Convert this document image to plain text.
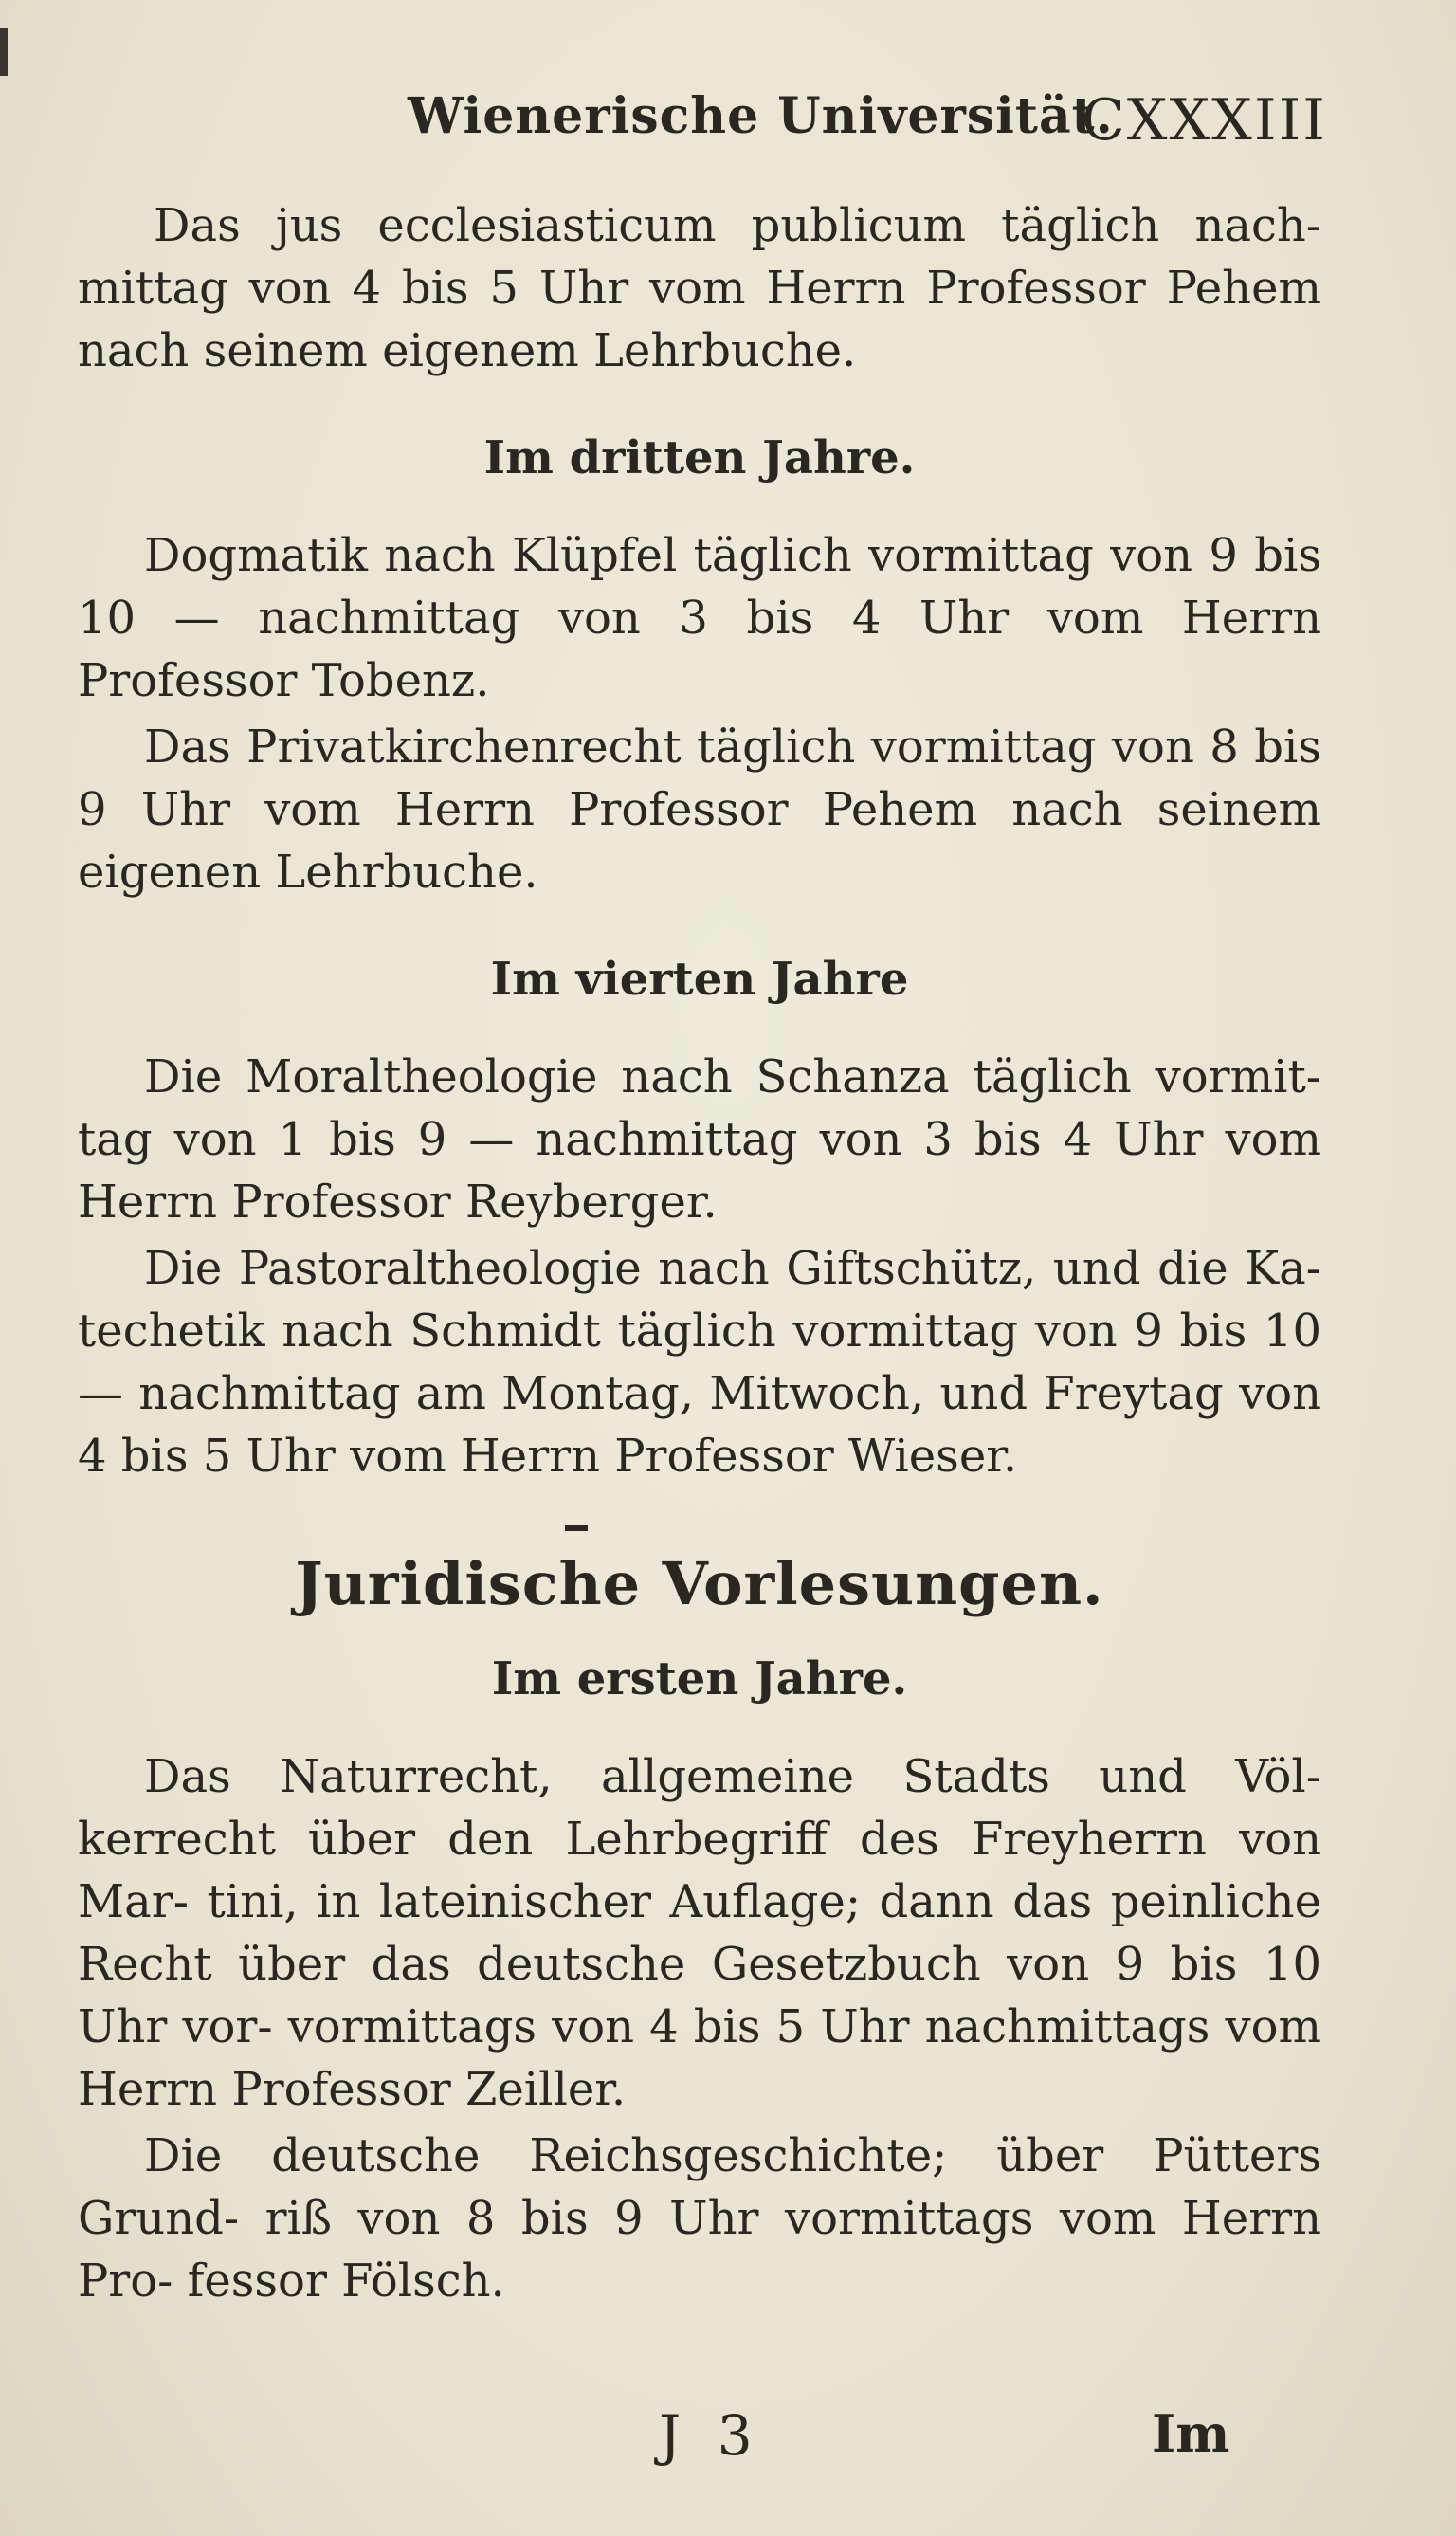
Wienerische Universität.
CXXXIII

Das jus ecclesiasticum publicum täglich nach- mittag von 4 bis 5 Uhr vom Herrn Professor Pehem nach seinem eigenem Lehrbuche.

Im dritten Jahre.

Dogmatik nach Klüpfel täglich vormittag von 9 bis 10 — nachmittag von 3 bis 4 Uhr vom Herrn Professor Tobenz.

Das Privatkirchenrecht täglich vormittag von 8 bis 9 Uhr vom Herrn Professor Pehem nach seinem eigenen Lehrbuche.

Im vierten Jahre

Die Moraltheologie nach Schanza täglich vormit- tag von 1 bis 9 — nachmittag von 3 bis 4 Uhr vom Herrn Professor Reyberger.

Die Pastoraltheologie nach Giftschütz, und die Ka- techetik nach Schmidt täglich vormittag von 9 bis 10 — nachmittag am Montag, Mitwoch, und Freytag von 4 bis 5 Uhr vom Herrn Professor Wieser.

Juridische Vorlesungen.
Im ersten Jahre.

Das Naturrecht, allgemeine Stadts und Völ- kerrecht über den Lehrbegriff des Freyherrn von Mar- tini, in lateinischer Auflage; dann das peinliche Recht über das deutsche Gesetzbuch von 9 bis 10 Uhr vor- vormittags von 4 bis 5 Uhr nachmittags vom Herrn Professor Zeiller.

Die deutsche Reichsgeschichte; über Pütters Grund- riß von 8 bis 9 Uhr vormittags vom Herrn Pro- fessor Fölsch.

J 3	Im
